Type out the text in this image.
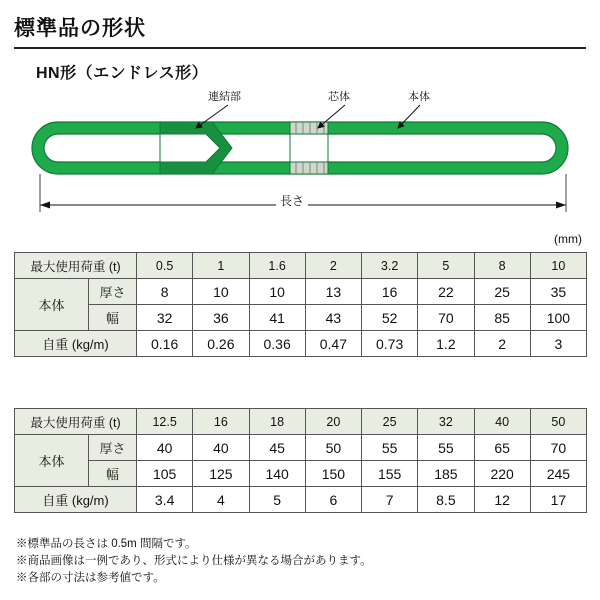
標準品の形状
HN形（エンドレス形）
連結部	芯体	本体
長さ
(mm)
最大使用荷重 (t)		0.5	1	1.6	2	3.2	5	8	10
本体	厚さ	8	10	10	13	16	22	25	35
	幅	32	36	41	43	52	70	85	100
自重 (kg/m)		0.16	0.26	0.36	0.47	0.73	1.2	2	3
最大使用荷重 (t)		12.5	16	18	20	25	32	40	50
本体	厚さ	40	40	45	50	55	55	65	70
	幅	105	125	140	150	155	185	220	245
自重 (kg/m)		3.4	4	5	6	7	8.5	12	17
※標準品の長さは 0.5m 間隔です。
※商品画像は一例であり、形式により仕様が異なる場合があります。
※各部の寸法は参考値です。
